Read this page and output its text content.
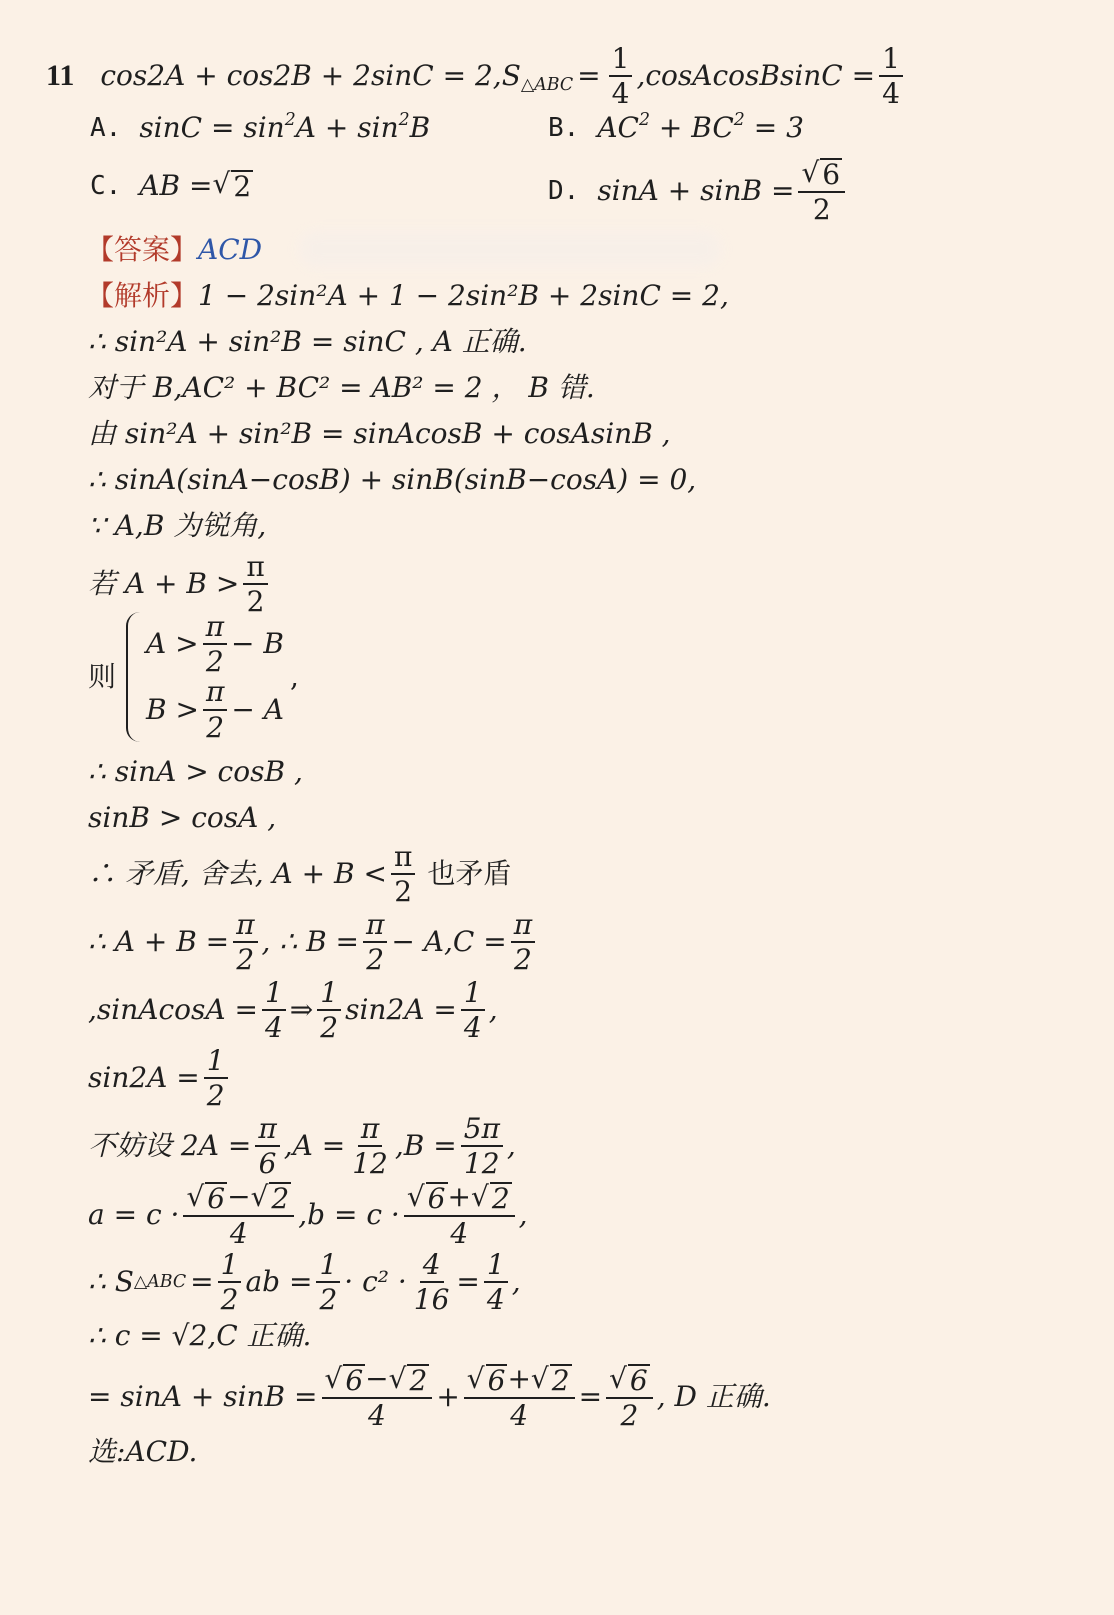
11 cos2A + cos2B + 2sinC = 2, $S_{\triangle ABC} = \frac{1}{4}$ ,cosAcosBsinC = $\frac{1}{4}$
A. $\sin C = \sin^2A + \sin^2B$	B. $AC^2 + BC^2 = 3$
C. AB = √ 2	D. $\sin A + \sin B = \frac{√ 6}{2}$
【答案】 ACD
【解析】 1 − 2sin²A + 1 − 2sin²B + 2sinC = 2,
∴ sin²A + sin²B = sinC , A 正确.
对于 B,AC² + BC² = AB² = 2 ， B 错.
由 sin²A + sin²B = sinAcosB + cosAsinB ,
∴ sinA(sinA−cosB) + sinB(sinB−cosA) = 0,
∵ A,B 为锐角,
若 $A + B > \frac{\pi}{2}$
则
$A > \frac{\pi}{2} - B$
$B > \frac{\pi}{2} - A$
,
∴ sinA > cosB ,
sinB > cosA ,
∴ 矛盾, 舍去, $A + B < \frac{\pi}{2}$ 也矛盾
∴ $A + B = \frac{\pi}{2}$ , ∴ $B = \frac{\pi}{2} - A,C = \frac{\pi}{2}$
,sinAcosA = $\frac{1}{4}$ ⇒ $\frac{1}{2} \sin 2A = \frac{1}{4}$ ,
$\sin 2A = \frac{1}{2}$
不妨设 $2A = \frac{\pi}{6} ,A = \frac{\pi}{12} ,B = \frac{5\pi}{12}$ ,
$a = c \cdot \frac{√ 6 - √ 2}{4} ,b = c \cdot \frac{√ 6 + √ 2}{4}$ ,
∴ S △ABC = $\frac{1}{2}$ ab = $\frac{1}{2} \cdot c^2 \cdot \frac{4}{16} = \frac{1}{4}$ ,
∴ c = √2,C 正确.
= $\sin A + \sin B = \frac{√ 6 - √ 2}{4} + \frac{√ 6 + √ 2}{4} = \frac{√ 6}{2}$ , D 正确.
选:ACD.
